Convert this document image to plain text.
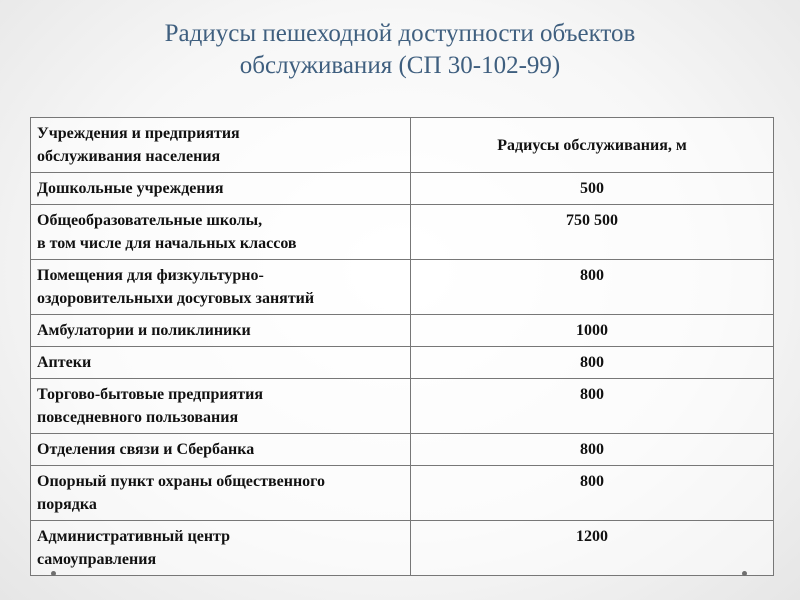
Радиусы пешеходной доступности объектов
обслуживания (СП 30-102-99)
Учреждения и предприятия
обслуживания населения	Радиусы обслуживания, м

Дошкольные учреждения	500

Общеобразовательные школы,
в том числе для начальных классов	750 500

Помещения для физкультурно-
оздоровительныхи досуговых занятий	800

Амбулатории и поликлиники	1000

Аптеки	800

Торгово-бытовые предприятия
повседневного пользования	800

Отделения связи и Сбербанка	800

Опорный пункт охраны общественного
порядка	800

Административный центр
самоуправления	1200
